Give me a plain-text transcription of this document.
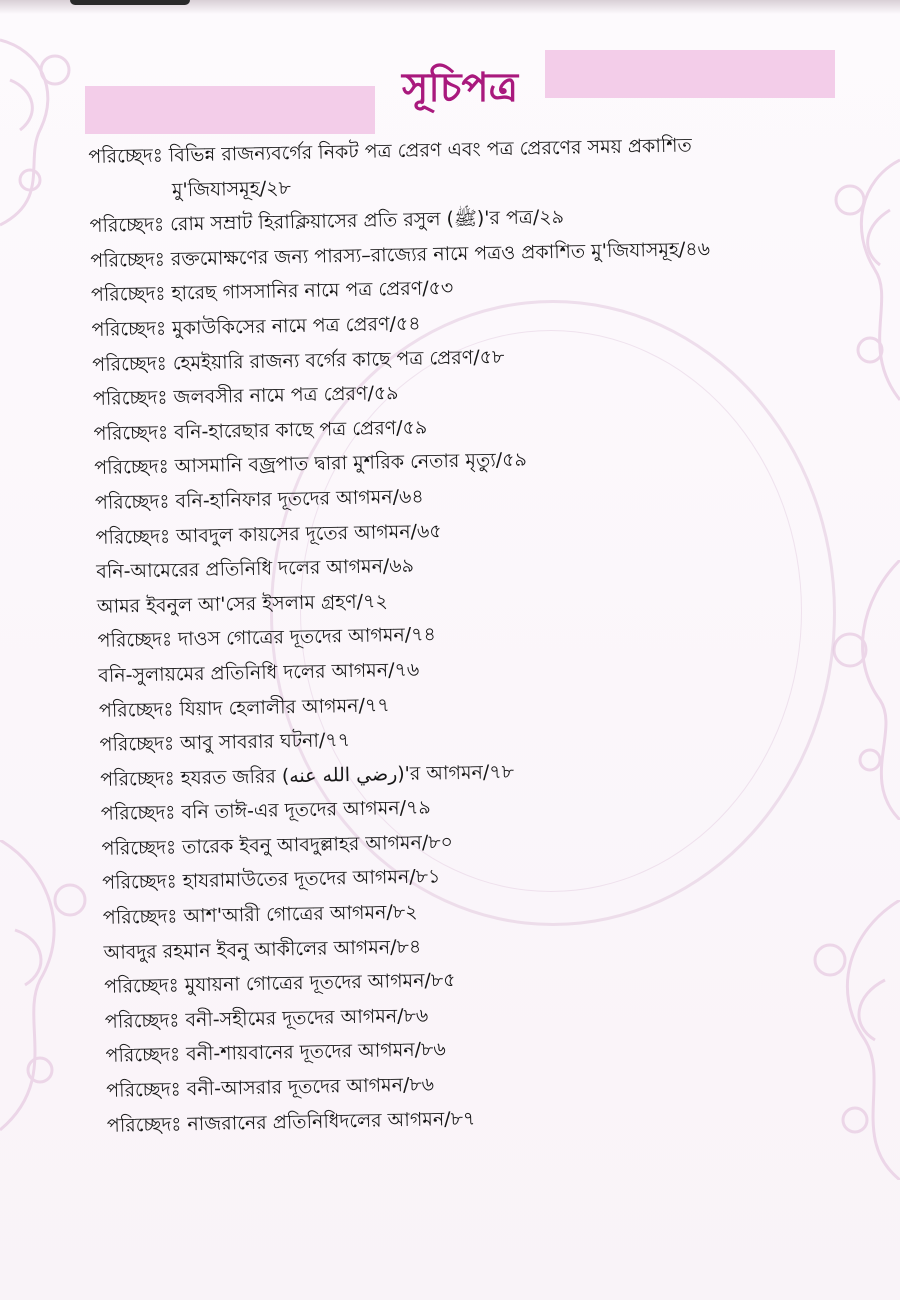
সূচিপত্র
পরিচ্ছেদঃ বিভিন্ন রাজন্যবর্গের নিকট পত্র প্রেরণ এবং পত্র প্রেরণের সময় প্রকাশিত
মু'জিযাসমূহ/২৮
পরিচ্ছেদঃ রোম সম্রাট হিরাক্লিয়াসের প্রতি রসুল (ﷺ)'র পত্র/২৯
পরিচ্ছেদঃ রক্তমোক্ষণের জন্য পারস্য–রাজ্যের নামে পত্রও প্রকাশিত মু'জিযাসমূহ/৪৬
পরিচ্ছেদঃ হারেছ গাসসানির নামে পত্র প্রেরণ/৫৩
পরিচ্ছেদঃ মুকাউকিসের নামে পত্র প্রেরণ/৫৪
পরিচ্ছেদঃ হেমইয়ারি রাজন্য বর্গের কাছে পত্র প্রেরণ/৫৮
পরিচ্ছেদঃ জলবসীর নামে পত্র প্রেরণ/৫৯
পরিচ্ছেদঃ বনি-হারেছার কাছে পত্র প্রেরণ/৫৯
পরিচ্ছেদঃ আসমানি বজ্রপাত দ্বারা মুশরিক নেতার মৃত্যু/৫৯
পরিচ্ছেদঃ বনি-হানিফার দূতদের আগমন/৬৪
পরিচ্ছেদঃ আবদুল কায়সের দূতের আগমন/৬৫
বনি-আমেরের প্রতিনিধি দলের আগমন/৬৯
আমর ইবনুল আ'সের ইসলাম গ্রহণ/৭২
পরিচ্ছেদঃ দাওস গোত্রের দূতদের আগমন/৭৪
বনি-সুলায়মের প্রতিনিধি দলের আগমন/৭৬
পরিচ্ছেদঃ যিয়াদ হেলালীর আগমন/৭৭
পরিচ্ছেদঃ আবু সাবরার ঘটনা/৭৭
পরিচ্ছেদঃ হযরত জরির (رضي الله عنه)'র আগমন/৭৮
পরিচ্ছেদঃ বনি তাঈ-এর দূতদের আগমন/৭৯
পরিচ্ছেদঃ তারেক ইবনু আবদুল্লাহর আগমন/৮০
পরিচ্ছেদঃ হাযরামাউতের দূতদের আগমন/৮১
পরিচ্ছেদঃ আশ'আরী গোত্রের আগমন/৮২
আবদুর রহমান ইবনু আকীলের আগমন/৮৪
পরিচ্ছেদঃ মুযায়না গোত্রের দূতদের আগমন/৮৫
পরিচ্ছেদঃ বনী-সহীমের দূতদের আগমন/৮৬
পরিচ্ছেদঃ বনী-শায়বানের দূতদের আগমন/৮৬
পরিচ্ছেদঃ বনী-আসরার দূতদের আগমন/৮৬
পরিচ্ছেদঃ নাজরানের প্রতিনিধিদলের আগমন/৮৭
